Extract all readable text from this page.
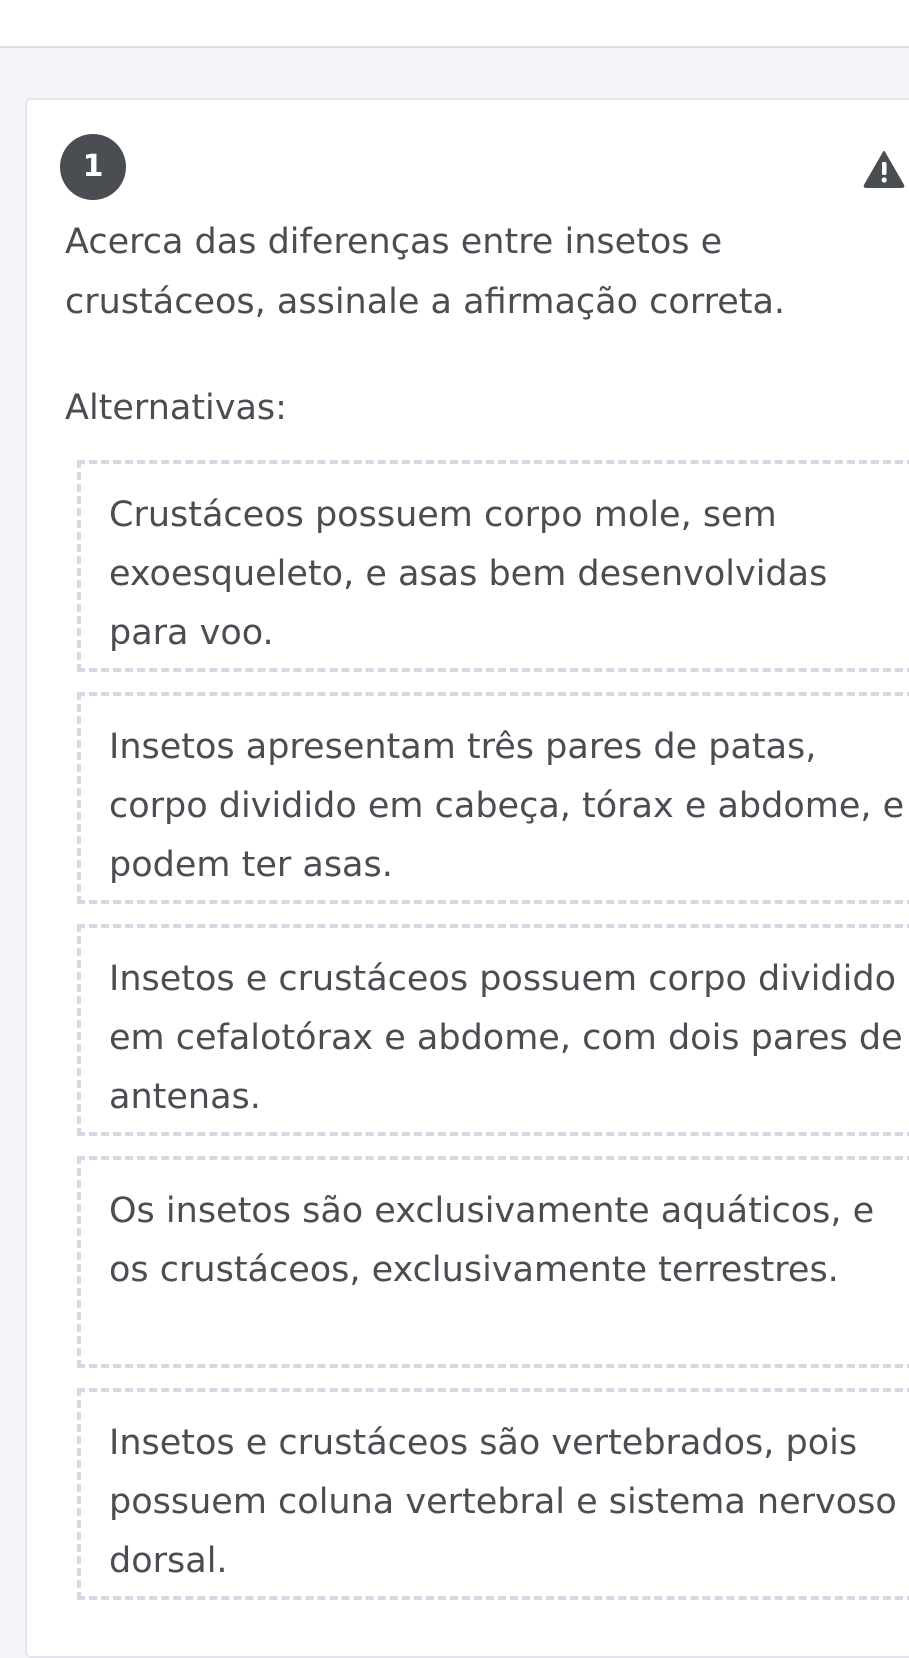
1

Acerca das diferenças entre insetos e crustáceos, assinale a afirmação correta.

Alternativas:

Crustáceos possuem corpo mole, sem exoesqueleto, e asas bem desenvolvidas para voo.
Insetos apresentam três pares de patas, corpo dividido em cabeça, tórax e abdome, e podem ter asas.
Insetos e crustáceos possuem corpo dividido em cefalotórax e abdome, com dois pares de antenas.
Os insetos são exclusivamente aquáticos, e os crustáceos, exclusivamente terrestres.
Insetos e crustáceos são vertebrados, pois possuem coluna vertebral e sistema nervoso dorsal.
